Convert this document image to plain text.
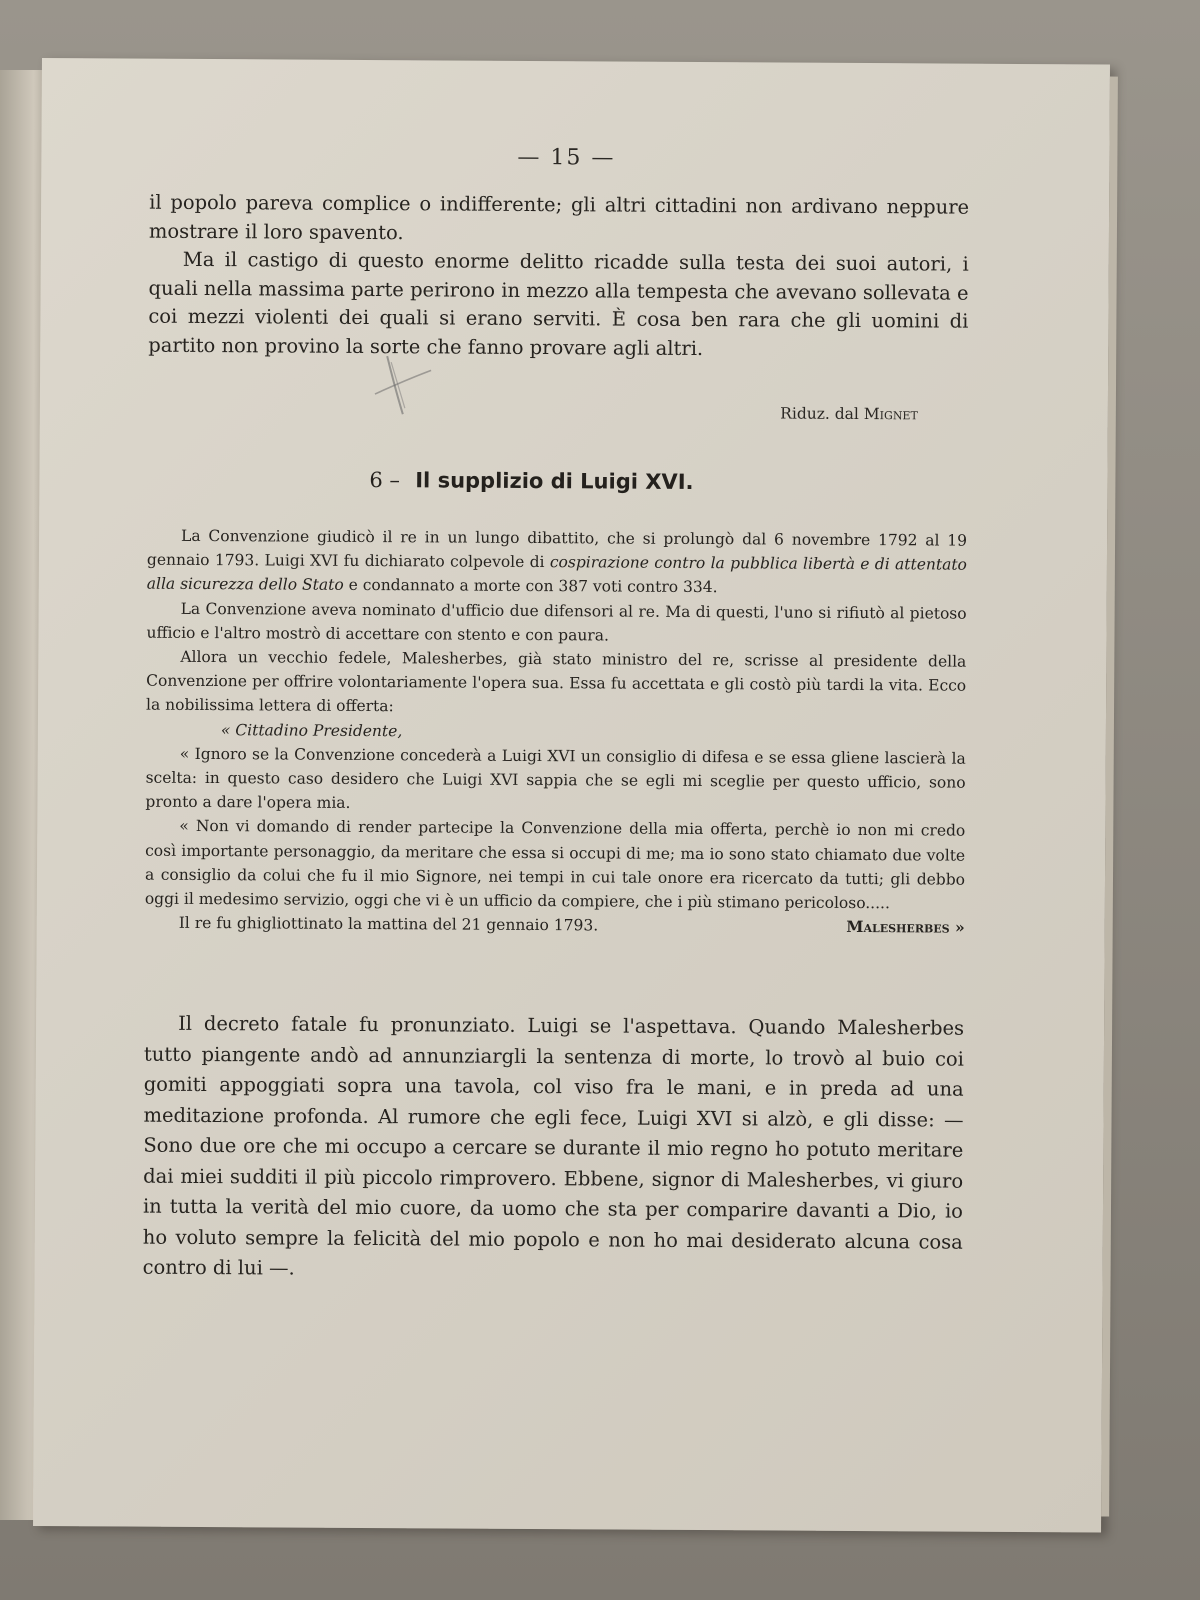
— 15 —

il popolo pareva complice o indifferente; gli altri cittadini non ardivano neppure mostrare il loro spavento.

Ma il castigo di questo enorme delitto ricadde sulla testa dei suoi autori, i quali nella massima parte perirono in mezzo alla tempesta che avevano sollevata e coi mezzi violenti dei quali si erano serviti. È cosa ben rara che gli uomini di partito non provino la sorte che fanno provare agli altri.

Riduz. dal Mignet
6 – Il supplizio di Luigi XVI.

La Convenzione giudicò il re in un lungo dibattito, che si prolungò dal 6 novembre 1792 al 19 gennaio 1793. Luigi XVI fu dichiarato colpevole di cospirazione contro la pubblica libertà e di attentato alla sicurezza dello Stato e condannato a morte con 387 voti contro 334.

La Convenzione aveva nominato d'ufficio due difensori al re. Ma di questi, l'uno si rifiutò al pietoso ufficio e l'altro mostrò di accettare con stento e con paura.

Allora un vecchio fedele, Malesherbes, già stato ministro del re, scrisse al presidente della Convenzione per offrire volontariamente l'opera sua. Essa fu accettata e gli costò più tardi la vita. Ecco la nobilissima lettera di offerta:

« Cittadino Presidente,

« Ignoro se la Convenzione concederà a Luigi XVI un consiglio di difesa e se essa gliene lascierà la scelta: in questo caso desidero che Luigi XVI sappia che se egli mi sceglie per questo ufficio, sono pronto a dare l'opera mia.

« Non vi domando di render partecipe la Convenzione della mia offerta, perchè io non mi credo così importante personaggio, da meritare che essa si occupi di me; ma io sono stato chiamato due volte a consiglio da colui che fu il mio Signore, nei tempi in cui tale onore era ricercato da tutti; gli debbo oggi il medesimo servizio, oggi che vi è un ufficio da compiere, che i più stimano pericoloso.....
Malesherbes »

Il re fu ghigliottinato la mattina del 21 gennaio 1793.

Il decreto fatale fu pronunziato. Luigi se l'aspettava. Quando Malesherbes tutto piangente andò ad annunziargli la sentenza di morte, lo trovò al buio coi gomiti appoggiati sopra una tavola, col viso fra le mani, e in preda ad una meditazione profonda. Al rumore che egli fece, Luigi XVI si alzò, e gli disse: — Sono due ore che mi occupo a cercare se durante il mio regno ho potuto meritare dai miei sudditi il più piccolo rimprovero. Ebbene, signor di Malesherbes, vi giuro in tutta la verità del mio cuore, da uomo che sta per comparire davanti a Dio, io ho voluto sempre la felicità del mio popolo e non ho mai desiderato alcuna cosa contro di lui —.
